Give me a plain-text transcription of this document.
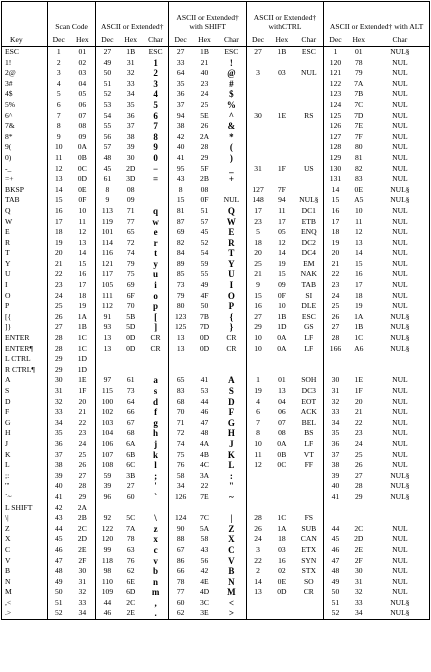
Key	Scan Code		ASCII or Extended†			ASCII or Extended† with SHIFT			ASCII or Extended† withCTRL			ASCII or Extended† with ALT		
	Dec	Hex	Dec	Hex	Char	Dec	Hex	Char	Dec	Hex	Char	Dec	Hex	Char
ESC	1	01	27	1B	ESC	27	1B	ESC	27	1B	ESC	1	01	NUL§
1!	2	02	49	31	1	33	21	!				120	78	NUL
2@	3	03	50	32	2	64	40	@	3	03	NUL	121	79	NUL
3#	4	04	51	33	3	35	23	#				122	7A	NUL
4$	5	05	52	34	4	36	24	$				123	7B	NUL
5%	6	06	53	35	5	37	25	%				124	7C	NUL
6^	7	07	54	36	6	94	5E	^	30	1E	RS	125	7D	NUL
7&	8	08	55	37	7	38	26	&				126	7E	NUL
8*	9	09	56	38	8	42	2A	*				127	7F	NUL
9(	10	0A	57	39	9	40	28	(				128	80	NUL
0)	11	0B	48	30	0	41	29	)				129	81	NUL
-_	12	0C	45	2D	−	95	5F	_	31	1F	US	130	82	NUL
=+	13	0D	61	3D	=	43	2B	+				131	83	NUL
BKSP	14	0E	8	08		8	08		127	7F		14	0E	NUL§
TAB	15	0F	9	09		15	0F	NUL	148	94	NUL§	15	A5	NUL§
Q	16	10	113	71	q	81	51	Q	17	11	DC1	16	10	NUL
W	17	11	119	77	w	87	57	W	23	17	ETB	17	11	NUL
E	18	12	101	65	e	69	45	E	5	05	ENQ	18	12	NUL
R	19	13	114	72	r	82	52	R	18	12	DC2	19	13	NUL
T	20	14	116	74	t	84	54	T	20	14	DC4	20	14	NUL
Y	21	15	121	79	y	89	59	Y	25	19	EM	21	15	NUL
U	22	16	117	75	u	85	55	U	21	15	NAK	22	16	NUL
I	23	17	105	69	i	73	49	I	9	09	TAB	23	17	NUL
O	24	18	111	6F	o	79	4F	O	15	0F	SI	24	18	NUL
P	25	19	112	70	p	80	50	P	16	10	DLE	25	19	NUL
[{	26	1A	91	5B	[	123	7B	{	27	1B	ESC	26	1A	NUL§
]}	27	1B	93	5D	]	125	7D	}	29	1D	GS	27	1B	NUL§
ENTER	28	1C	13	0D	CR	13	0D	CR	10	0A	LF	28	1C	NUL§
ENTER¶	28	1C	13	0D	CR	13	0D	CR	10	0A	LF	166	A6	NUL§
L CTRL	29	1D												
R CTRL¶	29	1D												
A	30	1E	97	61	a	65	41	A	1	01	SOH	30	1E	NUL
S	31	1F	115	73	s	83	53	S	19	13	DC3	31	1F	NUL
D	32	20	100	64	d	68	44	D	4	04	EOT	32	20	NUL
F	33	21	102	66	f	70	46	F	6	06	ACK	33	21	NUL
G	34	22	103	67	g	71	47	G	7	07	BEL	34	22	NUL
H	35	23	104	68	h	72	48	H	8	08	BS	35	23	NUL
J	36	24	106	6A	j	74	4A	J	10	0A	LF	36	24	NUL
K	37	25	107	6B	k	75	4B	K	11	0B	VT	37	25	NUL
L	38	26	108	6C	l	76	4C	L	12	0C	FF	38	26	NUL
;:	39	27	59	3B	;	58	3A	:				39	27	NUL§
'"	40	28	39	27	'	34	22	"				40	28	NUL§
`~	41	29	96	60	`	126	7E	~				41	29	NUL§
L SHIFT	42	2A												
\|	43	2B	92	5C	\	124	7C	|	28	1C	FS			
Z	44	2C	122	7A	z	90	5A	Z	26	1A	SUB	44	2C	NUL
X	45	2D	120	78	x	88	58	X	24	18	CAN	45	2D	NUL
C	46	2E	99	63	c	67	43	C	3	03	ETX	46	2E	NUL
V	47	2F	118	76	v	86	56	V	22	16	SYN	47	2F	NUL
B	48	30	98	62	b	66	42	B	2	02	STX	48	30	NUL
N	49	31	110	6E	n	78	4E	N	14	0E	SO	49	31	NUL
M	50	32	109	6D	m	77	4D	M	13	0D	CR	50	32	NUL
,<	51	33	44	2C	,	60	3C	<				51	33	NUL§
.>	52	34	46	2E	.	62	3E	>				52	34	NUL§
